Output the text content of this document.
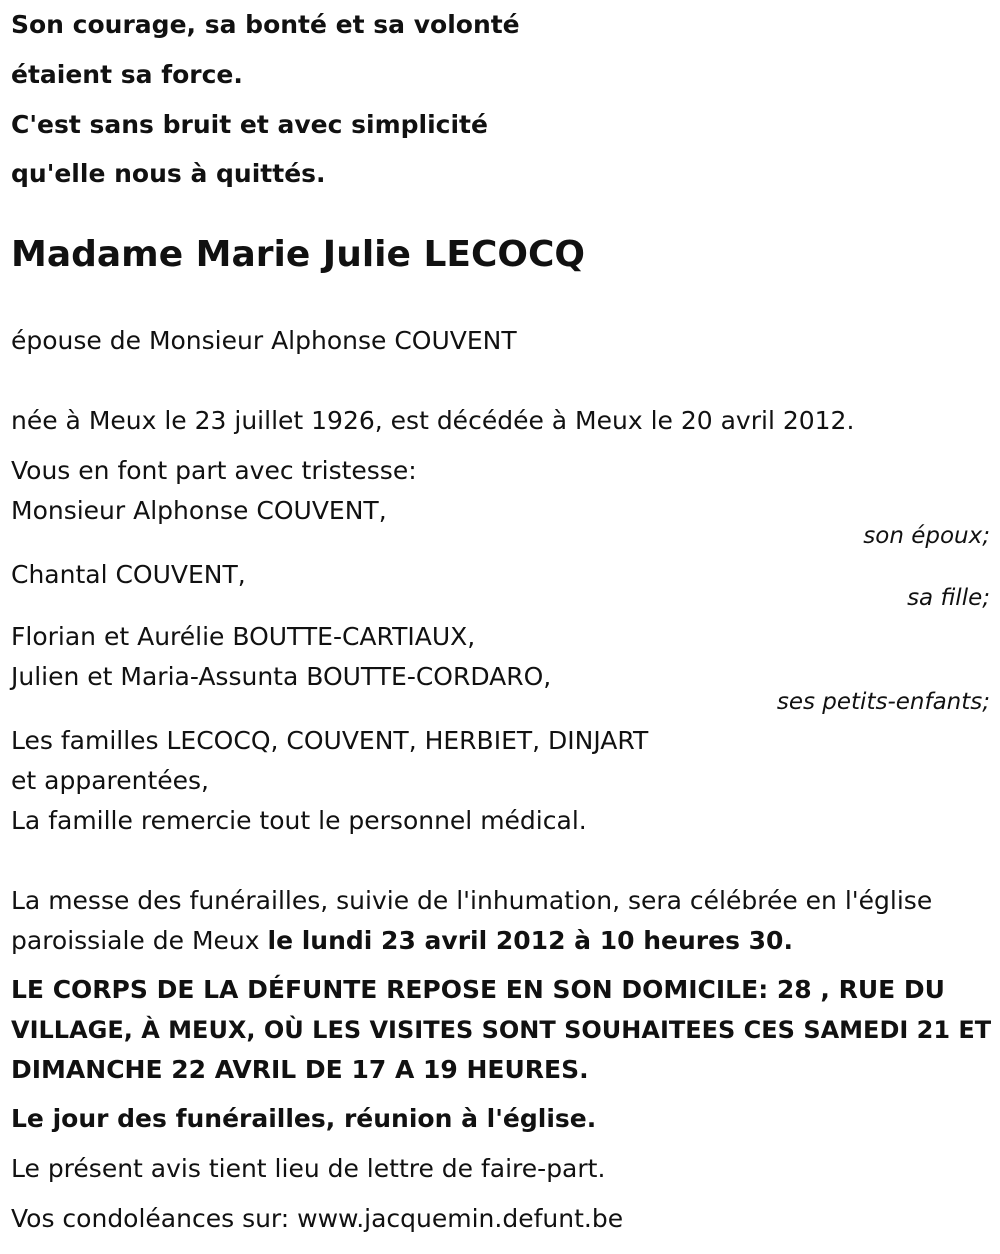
Son courage, sa bonté et sa volonté
étaient sa force.
C'est sans bruit et avec simplicité
qu'elle nous à quittés.
Madame Marie Julie LECOCQ
épouse de Monsieur Alphonse COUVENT
née à Meux le 23 juillet 1926, est décédée à Meux le 20 avril 2012.
Vous en font part avec tristesse:
Monsieur Alphonse COUVENT,
son époux;
Chantal COUVENT,
sa fille;
Florian et Aurélie BOUTTE-CARTIAUX,
Julien et Maria-Assunta BOUTTE-CORDARO,
ses petits-enfants;
Les familles LECOCQ, COUVENT, HERBIET, DINJART
et apparentées,
La famille remercie tout le personnel médical.
La messe des funérailles, suivie de l'inhumation, sera célébrée en l'église
paroissiale de Meux le lundi 23 avril 2012 à 10 heures 30.
LE CORPS DE LA DÉFUNTE REPOSE EN SON DOMICILE: 28 , RUE DU
VILLAGE, À MEUX, OÙ LES VISITES SONT SOUHAITEES CES SAMEDI 21 ET
DIMANCHE 22 AVRIL DE 17 A 19 HEURES.
Le jour des funérailles, réunion à l'église.
Le présent avis tient lieu de lettre de faire-part.
Vos condoléances sur: www.jacquemin.defunt.be
